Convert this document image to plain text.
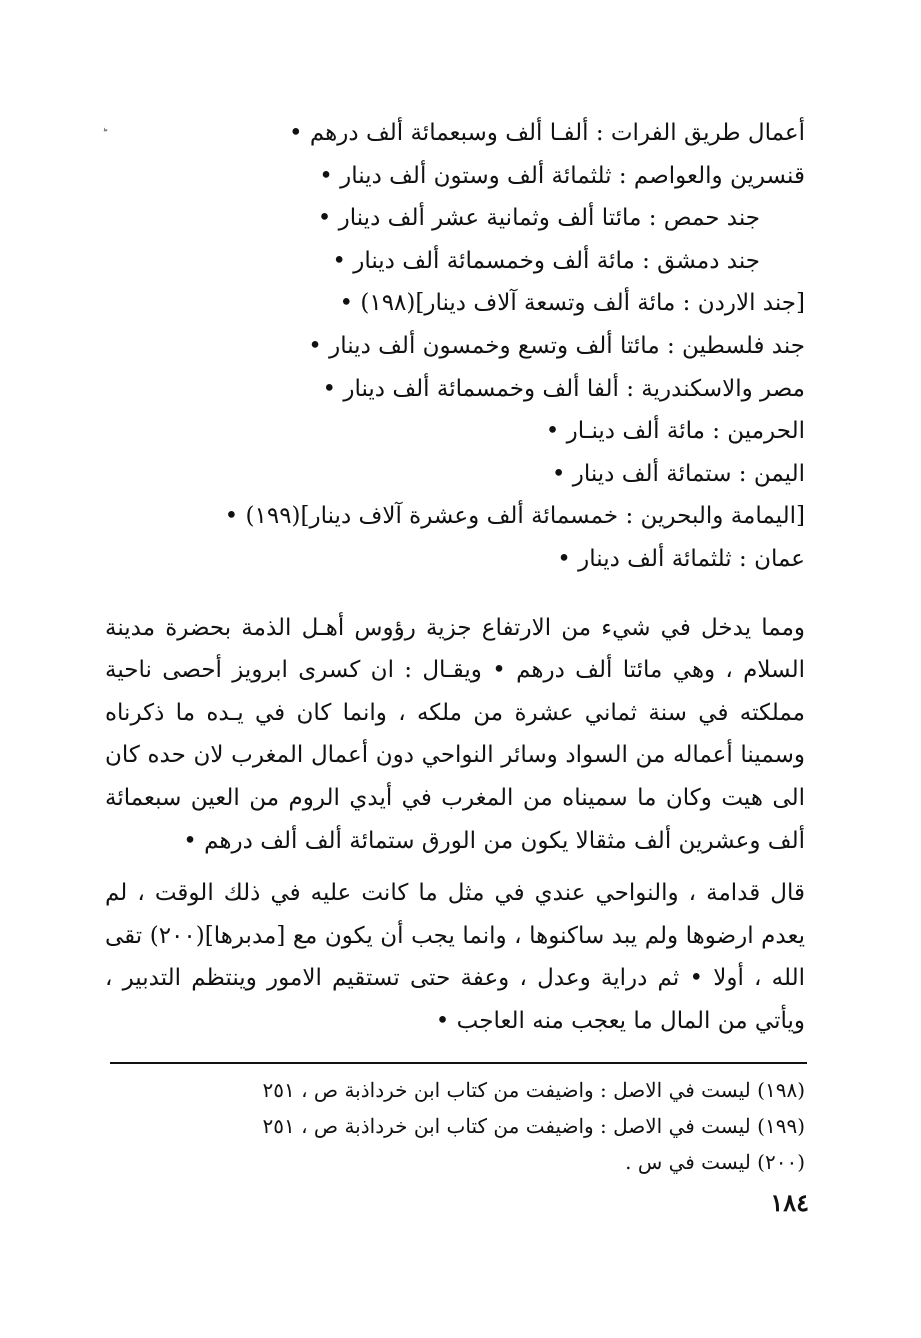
أعمال طريق الفرات : ألفـا ألف وسبعمائة ألف درهم •
قنسرين والعواصم : ثلثمائة ألف وستون ألف دينار •
جند حمص : مائتا ألف وثمانية عشر ألف دينار •
جند دمشق : مائة ألف وخمسمائة ألف دينار •
[جند الاردن : مائة ألف وتسعة آلاف دينار](١٩٨) •
جند فلسطين : مائتا ألف وتسع وخمسون ألف دينار •
مصر والاسكندرية : ألفا ألف وخمسمائة ألف دينار •
الحرمين : مائة ألف دينـار •
اليمن : ستمائة ألف دينار •
[اليمامة والبحرين : خمسمائة ألف وعشرة آلاف دينار](١٩٩) •
عمان : ثلثمائة ألف دينار •

ومما يدخل في شيء من الارتفاع جزية رؤوس أهـل الذمة بحضرة مدينة السلام ، وهي مائتا ألف درهم • ويقـال : ان كسرى ابرويز أحصى ناحية مملكته في سنة ثماني عشرة من ملكه ، وانما كان في يـده ما ذكرناه وسمينا أعماله من السواد وسائر النواحي دون أعمال المغرب لان حده كان الى هيت وكان ما سميناه من المغرب في أيدي الروم من العين سبعمائة ألف وعشرين ألف مثقالا يكون من الورق ستمائة ألف ألف درهم •

قال قدامة ، والنواحي عندي في مثل ما كانت عليه في ذلك الوقت ، لم يعدم ارضوها ولم يبد ساكنوها ، وانما يجب أن يكون مع [مدبرها](٢٠٠) تقى الله ، أولا • ثم دراية وعدل ، وعفة حتى تستقيم الامور وينتظم التدبير ، ويأتي من المال ما يعجب منه العاجب •

(١٩٨) ليست في الاصل : واضيفت من كتاب ابن خرداذبة ص ، ٢٥١
(١٩٩) ليست في الاصل : واضيفت من كتاب ابن خرداذبة ص ، ٢٥١
(٢٠٠) ليست في س .
١٨٤
